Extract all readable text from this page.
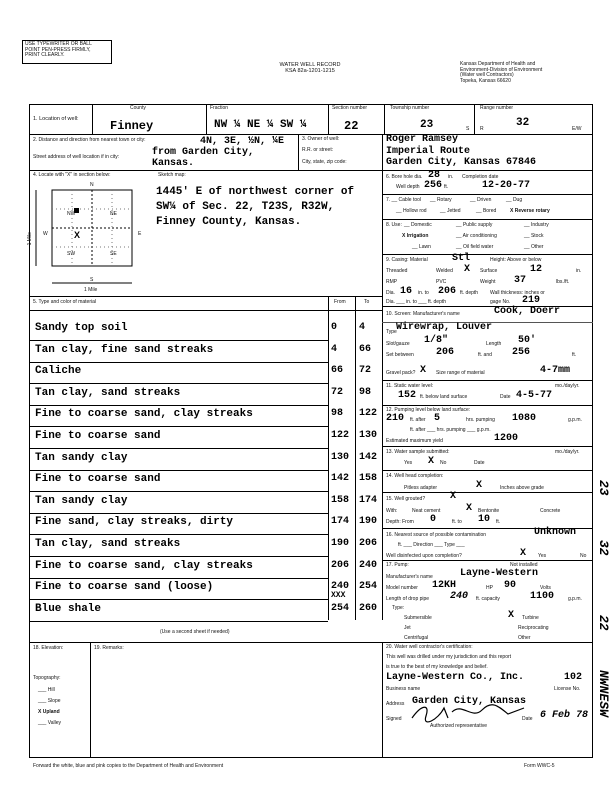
USE TYPEWRITER OR BALL
POINT PEN-PRESS FIRMLY,
PRINT CLEARLY.
WATER WELL RECORD
KSA 82a-1201-1215
Kansas Department of Health and
Environment-Division of Environment
(Water well Contractors)
Topeka, Kansas 66620
1. Location of well:
County
Finney
Fraction
NW ¼ NE ¼ SW ¼
Section number
22
Township number
23	S
Range number
R	32	E/W
2. Distance and direction from nearest town or city:	4N, 3E, ½N, ¼E
Street address of well location if in city:	from Garden City,
Kansas.
3. Owner of well:
R.R. or street:
City, state, zip code:
Roger Ramsey
Imperial Route
Garden City, Kansas 67846
4. Locate with "X" in section below:	Sketch map:
X
N
S
W	E
NW	NE
SW	SE
1 Mile
1 Mile
1445' E of northwest corner of
SW¼ of Sec. 22, T23S, R32W,
Finney County, Kansas.
6. Bore hole dia. 28 in. Completion date
Well depth 256 ft.	12-20-77
7. __ Cable tool __ Rotary	__ Driven	__ Dug
__ Hollow rod	__ Jetted	__ Bored	X Reverse rotary
8. Use: __ Domestic	__ Public supply	__ Industry
X Irrigation	__ Air conditioning	__ Stock
__ Lawn	__ Oil field water	__ Other
9. Casing: Material Stl	Height: Above or below
Threaded	Welded X Surface	12	in.
RMP	PVC	Weight 37	lbs./ft.
Dia. 16 in. to 206 ft. depth Wall thickness: inches or
Dia. ___ in. to ___ ft. depth	gage No. 219
5. Type and color of material	From	To
Sandy top soil	0 4
Tan clay, fine sand streaks	4 66
Caliche	66 72
Tan clay, sand streaks	72 98
Fine to coarse sand, clay streaks	98 122
Fine to coarse sand	122 130
Tan sandy clay	130 142
Fine to coarse sand	142 158
Tan sandy clay	158 174
Fine sand, clay streaks, dirty	174 190
Tan clay, sand streaks	190 206
Fine to coarse sand, clay streaks	206 240
Fine to coarse sand (loose)	240 254
XXX
Blue shale	254 260
(Use a second sheet if needed)
10. Screen: Manufacturer's name	Cook, Doerr
Type Wirewrap, Louver
Slot/gauze 1/8"	Length 50'
Set between 206	ft. and 256	ft.
Gravel pack? X Size range of material	4-7mm
11. Static water level:	mo./day/yr.
152 ft. below land surface	Date 4-5-77
12. Pumping level below land surface:
210 ft. after 5	hrs. pumping 1080	g.p.m.
ft. after ___ hrs. pumping ___ g.p.m.
Estimated maximum yield	1200
13. Water sample submitted:	mo./day/yr.
Yes X No	Date
14. Well head completion:
Pitless adapter	X	Inches above grade
15. Well grouted? X
With:	Neat cement	X Bentonite	Concrete
Depth: From 0	ft. to 10 ft.
16. Nearest source of possible contamination	Unknown
ft. ___ Direction ___ Type ___
Well disinfected upon completion?	X Yes	No
17. Pump:	Not installed
Manufacturer's name	Layne-Western
Model number 12KH	HP 90	Volts
Length of drop pipe 240 ft. capacity	1100	g.p.m.
Type:
Submersible	X Turbine
Jet	Reciprocating
Centrifugal	Other
18. Elevation:
Topography:
___ Hill
___ Slope
X Upland
___ Valley
19. Remarks:	20. Water well contractor's certification:
This well was drilled under my jurisdiction and this report
is true to the best of my knowledge and belief.
Layne-Western Co., Inc.	102
Business name	License No.
Address Garden City, Kansas
Signed
Authorized representative
Date 6 Feb 78
Forward the white, blue and pink copies to the Department of Health and Environment	Form WWC-5
23
32
22
NWNESW
